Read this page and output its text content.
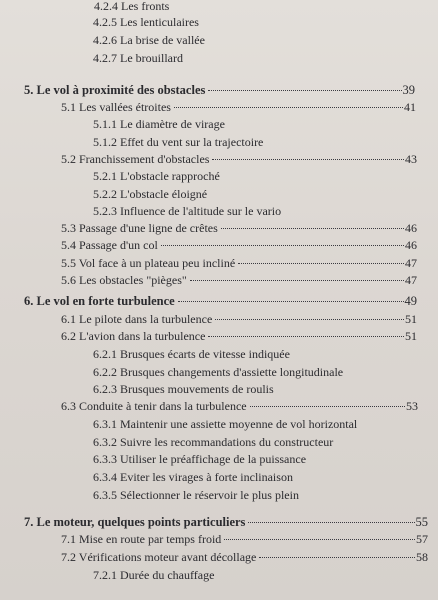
4.2.4 Les fronts
4.2.5 Les lenticulaires
4.2.6 La brise de vallée
4.2.7 Le brouillard
5. Le vol à proximité des obstacles	39
5.1 Les vallées étroites	41
5.1.1 Le diamètre de virage
5.1.2 Effet du vent sur la trajectoire
5.2 Franchissement d'obstacles	43
5.2.1 L'obstacle rapproché
5.2.2 L'obstacle éloigné
5.2.3 Influence de l'altitude sur le vario
5.3 Passage d'une ligne de crêtes	46
5.4 Passage d'un col	46
5.5 Vol face à un plateau peu incliné	47
5.6 Les obstacles "pièges"	47
6. Le vol en forte turbulence	49
6.1 Le pilote dans la turbulence	51
6.2 L'avion dans la turbulence	51
6.2.1 Brusques écarts de vitesse indiquée
6.2.2 Brusques changements d'assiette longitudinale
6.2.3 Brusques mouvements de roulis
6.3 Conduite à tenir dans la turbulence	53
6.3.1 Maintenir une assiette moyenne de vol horizontal
6.3.2 Suivre les recommandations du constructeur
6.3.3 Utiliser le préaffichage de la puissance
6.3.4 Eviter les virages à forte inclinaison
6.3.5 Sélectionner le réservoir le plus plein
7. Le moteur, quelques points particuliers	55
7.1 Mise en route par temps froid	57
7.2 Vérifications moteur avant décollage	58
7.2.1 Durée du chauffage
